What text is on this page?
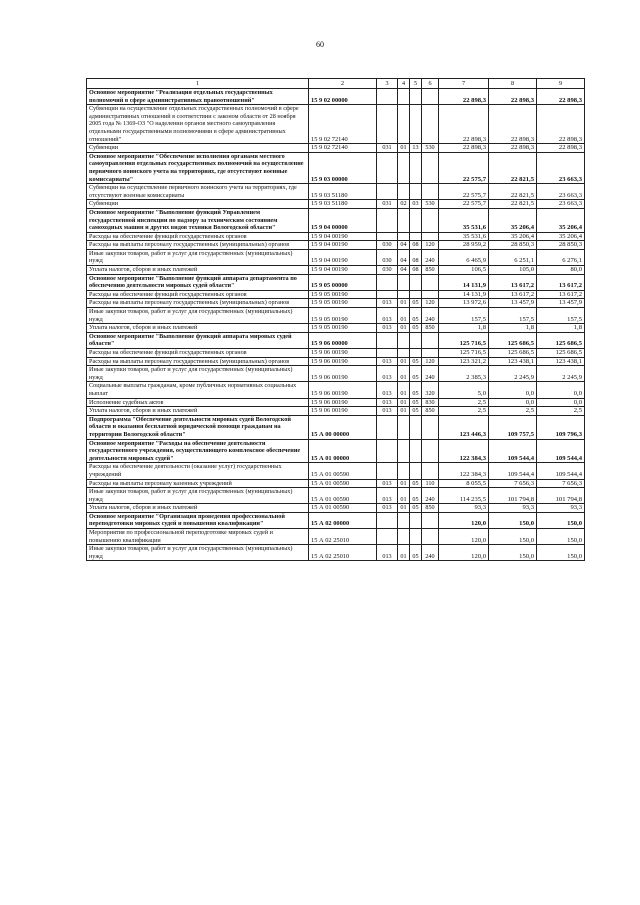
60
1	2	3	4	5	6	7	8	9
Основное мероприятие "Реализация отдельных государственных полномочий в сфере административных правоотношений"	15 9 02 00000					22 898,3	22 898,3	22 898,3
Субвенции на осуществление отдельных государственных полномочий в сфере административных отношений в соответствии с законом области от 28 ноября 2005 года № 1369-ОЗ "О наделении органов местного самоуправления отдельными государственными полномочиями в сфере административных отношений"	15 9 02 72140					22 898,3	22 898,3	22 898,3
Субвенции	15 9 02 72140	031	01	13	530	22 898,3	22 898,3	22 898,3
Основное мероприятие "Обеспечение исполнения органами местного самоуправления отдельных государственных полномочий на осуществление первичного воинского учета на территориях, где отсутствуют военные комиссариаты"	15 9 03 00000					22 575,7	22 821,5	23 663,3
Субвенции на осуществление первичного воинского учета на территориях, где отсутствуют военные комиссариаты	15 9 03 51180					22 575,7	22 821,5	23 663,3
Субвенции	15 9 03 51180	031	02	03	530	22 575,7	22 821,5	23 663,3
Основное мероприятие "Выполнение функций Управлением государственной инспекции по надзору за техническим состоянием самоходных машин и других видов техники Вологодской области"	15 9 04 00000					35 531,6	35 206,4	35 206,4
Расходы на обеспечение функций государственных органов	15 9 04 00190					35 531,6	35 206,4	35 206,4
Расходы на выплаты персоналу государственных (муниципальных) органов	15 9 04 00190	030	04	08	120	28 959,2	28 850,3	28 850,3
Иные закупки товаров, работ и услуг для государственных (муниципальных) нужд	15 9 04 00190	030	04	08	240	6 465,9	6 251,1	6 276,1
Уплата налогов, сборов и иных платежей	15 9 04 00190	030	04	08	850	106,5	105,0	80,0
Основное мероприятие "Выполнение функций аппарата департамента по обеспечению деятельности мировых судей области"	15 9 05 00000					14 131,9	13 617,2	13 617,2
Расходы на обеспечение функций государственных органов	15 9 05 00190					14 131,9	13 617,2	13 617,2
Расходы на выплаты персоналу государственных (муниципальных) органов	15 9 05 00190	013	01	05	120	13 972,6	13 457,9	13 457,9
Иные закупки товаров, работ и услуг для государственных (муниципальных) нужд	15 9 05 00190	013	01	05	240	157,5	157,5	157,5
Уплата налогов, сборов и иных платежей	15 9 05 00190	013	01	05	850	1,8	1,8	1,8
Основное мероприятие "Выполнение функций аппарата мировых судей области"	15 9 06 00000					125 716,5	125 686,5	125 686,5
Расходы на обеспечение функций государственных органов	15 9 06 00190					125 716,5	125 686,5	125 686,5
Расходы на выплаты персоналу государственных (муниципальных) органов	15 9 06 00190	013	01	05	120	123 321,2	123 438,1	123 438,1
Иные закупки товаров, работ и услуг для государственных (муниципальных) нужд	15 9 06 00190	013	01	05	240	2 385,3	2 245,9	2 245,9
Социальные выплаты гражданам, кроме публичных нормативных социальных выплат	15 9 06 00190	013	01	05	320	5,0	0,0	0,0
Исполнение судебных актов	15 9 06 00190	013	01	05	830	2,5	0,0	0,0
Уплата налогов, сборов и иных платежей	15 9 06 00190	013	01	05	850	2,5	2,5	2,5
Подпрограмма "Обеспечение деятельности мировых судей Вологодской области и оказания бесплатной юридической помощи гражданам на территории Вологодской области"	15 А 00 00000					123 446,3	109 757,5	109 796,3
Основное мероприятие "Расходы на обеспечение деятельности государственного учреждения, осуществляющего комплексное обеспечение деятельности мировых судей"	15 А 01 00000					122 384,3	109 544,4	109 544,4
Расходы на обеспечение деятельности (оказание услуг) государственных учреждений	15 А 01 00590					122 384,3	109 544,4	109 544,4
Расходы на выплаты персоналу казенных учреждений	15 А 01 00590	013	01	05	110	8 055,5	7 656,3	7 656,3
Иные закупки товаров, работ и услуг для государственных (муниципальных) нужд	15 А 01 00590	013	01	05	240	114 235,5	101 794,8	101 794,8
Уплата налогов, сборов и иных платежей	15 А 01 00590	013	01	05	850	93,3	93,3	93,3
Основное мероприятие "Организация проведения профессиональной переподготовки мировых судей и повышения квалификации"	15 А 02 00000					120,0	150,0	150,0
Мероприятия по профессиональной переподготовке мировых судей и повышению квалификации	15 А 02 25010					120,0	150,0	150,0
Иные закупки товаров, работ и услуг для государственных (муниципальных) нужд	15 А 02 25010	013	01	05	240	120,0	150,0	150,0
